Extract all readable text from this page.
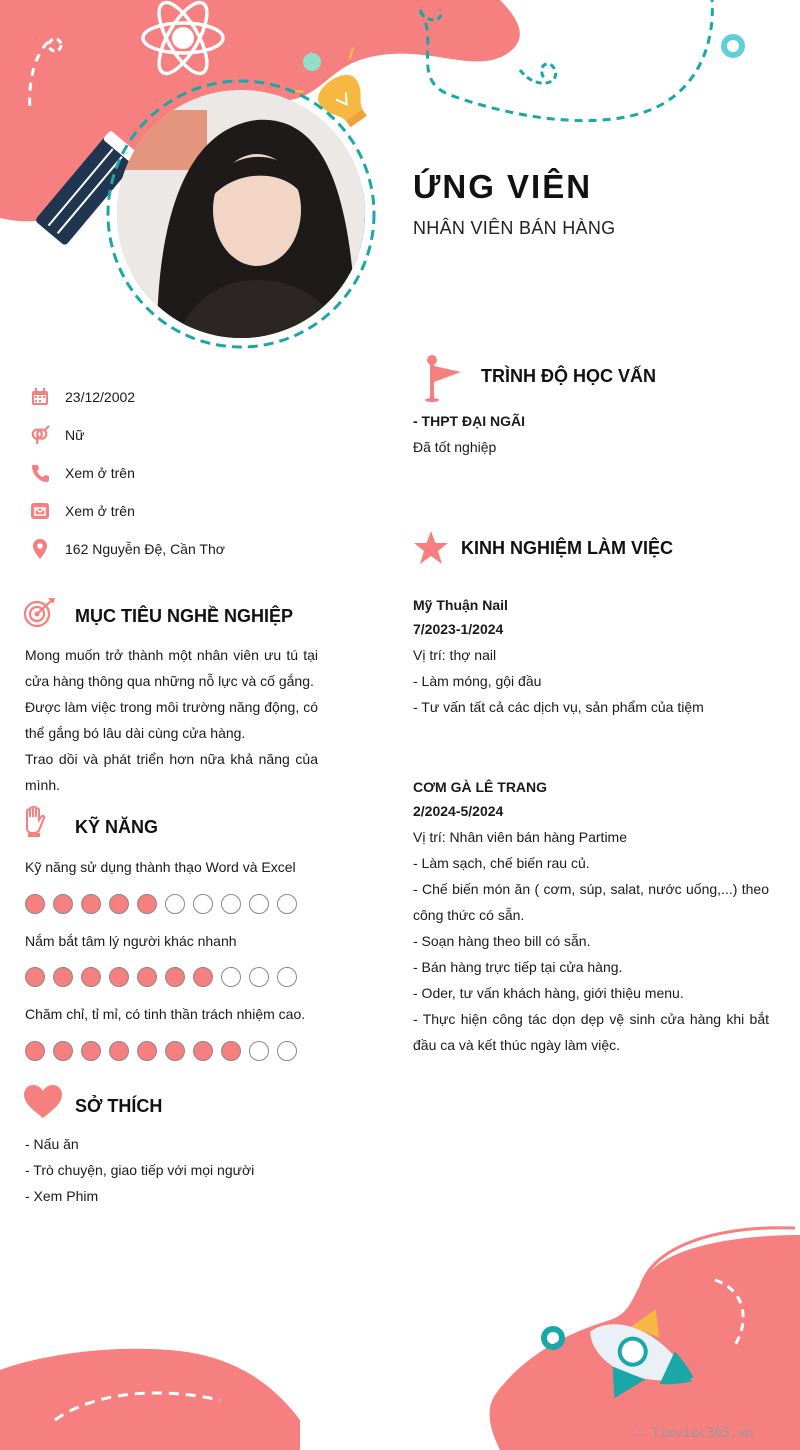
ỨNG VIÊN
NHÂN VIÊN BÁN HÀNG
23/12/2002
Nữ
Xem ở trên
Xem ở trên
162 Nguyễn Đệ, Cần Thơ
MỤC TIÊU NGHỀ NGHIỆP
Mong muốn trở thành một nhân viên ưu tú tại cửa hàng thông qua những nỗ lực và cố gắng.
Được làm việc trong môi trường năng động, có thể gắng bó lâu dài cùng cửa hàng.
Trao dồi và phát triển hơn nữa khả năng của mình.
KỸ NĂNG
Kỹ năng sử dụng thành thạo Word và Excel
Nắm bắt tâm lý người khác nhanh
Chăm chỉ, tỉ mỉ, có tinh thần trách nhiệm cao.
SỞ THÍCH
- Nấu ăn
- Trò chuyện, giao tiếp với mọi người
- Xem Phim
TRÌNH ĐỘ HỌC VẤN
- THPT ĐẠI NGÃI
Đã tốt nghiệp
KINH NGHIỆM LÀM VIỆC
Mỹ Thuận Nail
7/2023-1/2024
Vị trí: thợ nail
- Làm móng, gội đầu
- Tư vấn tất cả các dịch vụ, sản phẩm của tiệm
CƠM GÀ LÊ TRANG
2/2024-5/2024
Vị trí: Nhân viên bán hàng Partime
- Làm sạch, chế biến rau củ.
- Chế biến món ăn ( cơm, súp, salat, nước uống,...) theo công thức có sẵn.
- Soạn hàng theo bill có sẵn.
- Bán hàng trực tiếp tại cửa hàng.
- Oder, tư vấn khách hàng, giới thiệu menu.
- Thực hiện công tác dọn dẹp vệ sinh cửa hàng khi bắt đầu ca và kết thúc ngày làm việc.
∴ Timviec365.vn
